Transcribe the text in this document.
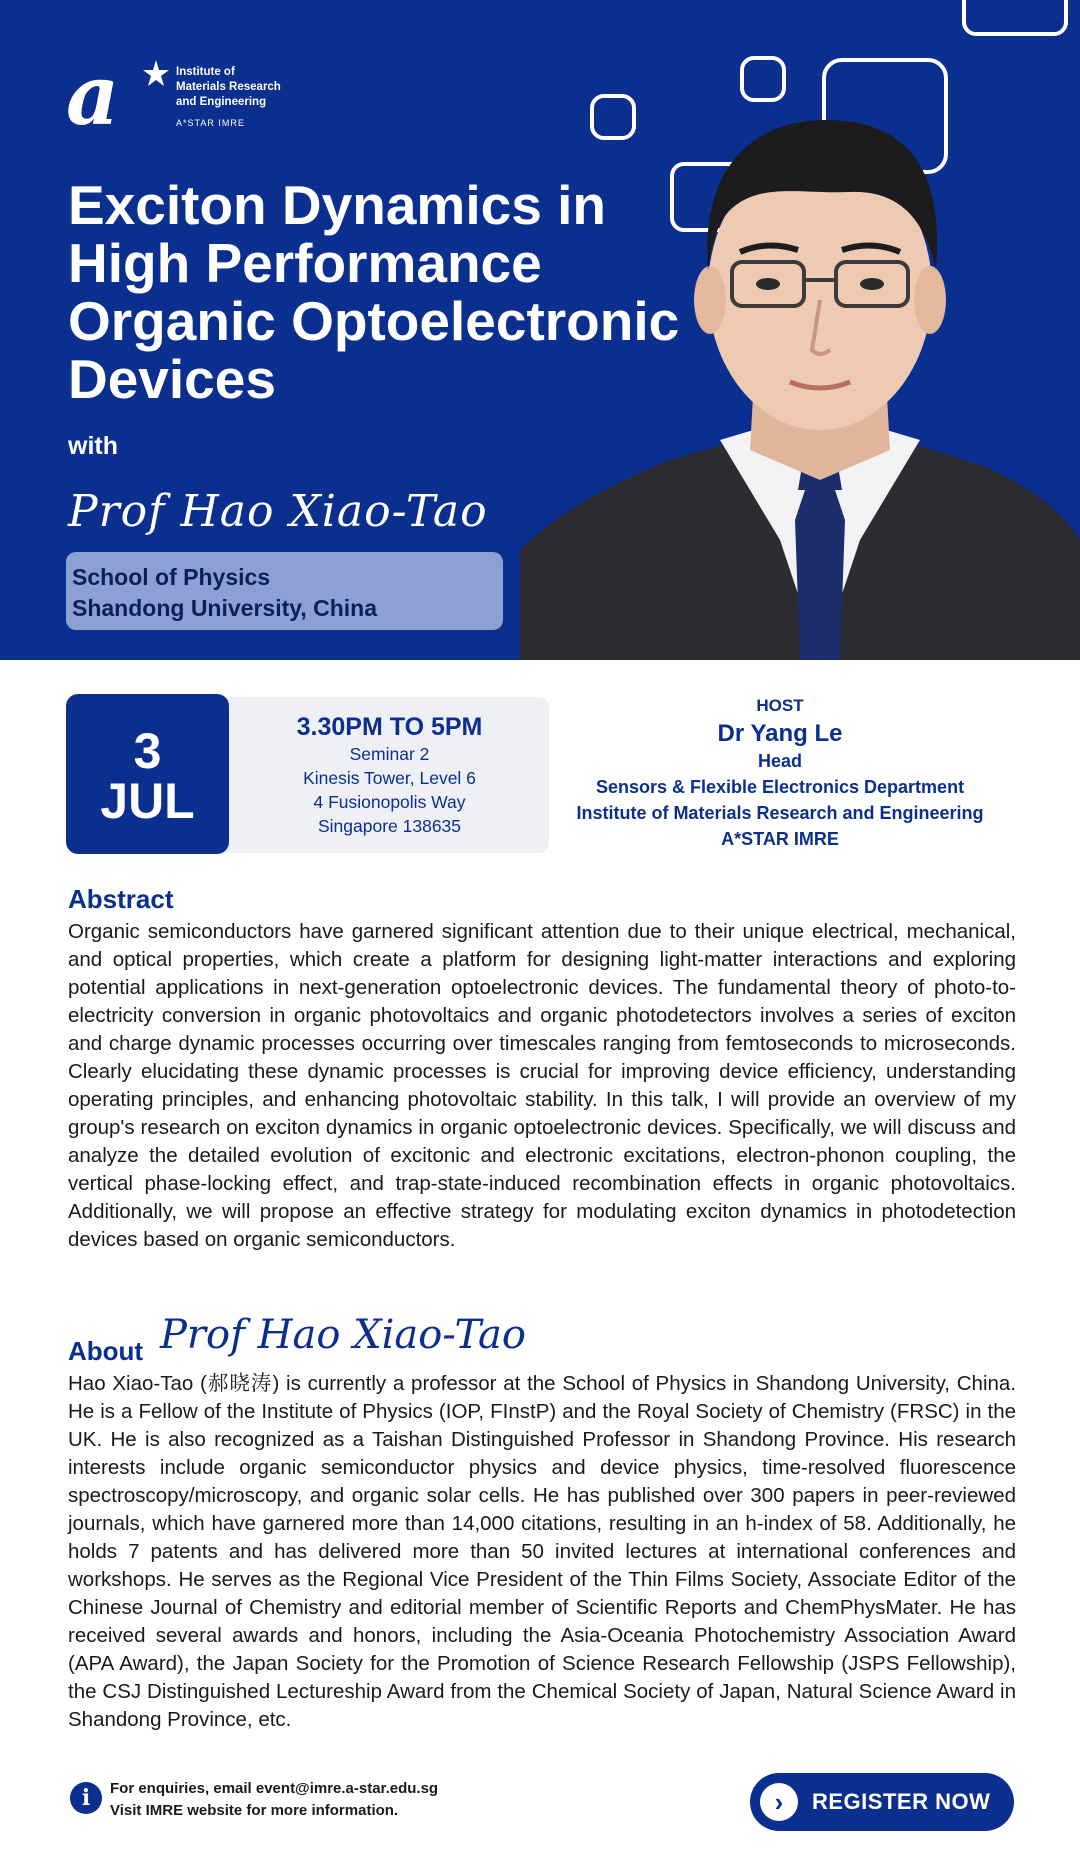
a	Institute of
Materials Research
and Engineering
A*STAR IMRE
Exciton Dynamics in High Performance Organic Optoelectronic Devices
with
Prof Hao Xiao-Tao
School of Physics
Shandong University, China
3.30PM TO 5PM
Seminar 2
Kinesis Tower, Level 6
4 Fusionopolis Way
Singapore 138635
3
JUL
HOST
Dr Yang Le
Head
Sensors & Flexible Electronics Department
Institute of Materials Research and Engineering
A*STAR IMRE
Abstract

Organic semiconductors have garnered significant attention due to their unique electrical, mechanical, and optical properties, which create a platform for designing light-matter interactions and exploring potential applications in next-generation optoelectronic devices. The fundamental theory of photo-to-electricity conversion in organic photovoltaics and organic photodetectors involves a series of exciton and charge dynamic processes occurring over timescales ranging from femtoseconds to microseconds. Clearly elucidating these dynamic processes is crucial for improving device efficiency, understanding operating principles, and enhancing photovoltaic stability. In this talk, I will provide an overview of my group's research on exciton dynamics in organic optoelectronic devices. Specifically, we will discuss and analyze the detailed evolution of excitonic and electronic excitations, electron-phonon coupling, the vertical phase-locking effect, and trap-state-induced recombination effects in organic photovoltaics. Additionally, we will propose an effective strategy for modulating exciton dynamics in photodetection devices based on organic semiconductors.

About Prof Hao Xiao-Tao

Hao Xiao-Tao (郝晓涛) is currently a professor at the School of Physics in Shandong University, China. He is a Fellow of the Institute of Physics (IOP, FInstP) and the Royal Society of Chemistry (FRSC) in the UK. He is also recognized as a Taishan Distinguished Professor in Shandong Province. His research interests include organic semiconductor physics and device physics, time-resolved fluorescence spectroscopy/microscopy, and organic solar cells. He has published over 300 papers in peer-reviewed journals, which have garnered more than 14,000 citations, resulting in an h-index of 58. Additionally, he holds 7 patents and has delivered more than 50 invited lectures at international conferences and workshops. He serves as the Regional Vice President of the Thin Films Society, Associate Editor of the Chinese Journal of Chemistry and editorial member of Scientific Reports and ChemPhysMater. He has received several awards and honors, including the Asia-Oceania Photochemistry Association Award (APA Award), the Japan Society for the Promotion of Science Research Fellowship (JSPS Fellowship), the CSJ Distinguished Lectureship Award from the Chemical Society of Japan, Natural Science Award in Shandong Province, etc.

i	For enquiries, email event@imre.a-star.edu.sg
Visit IMRE website for more information.	›	REGISTER NOW
